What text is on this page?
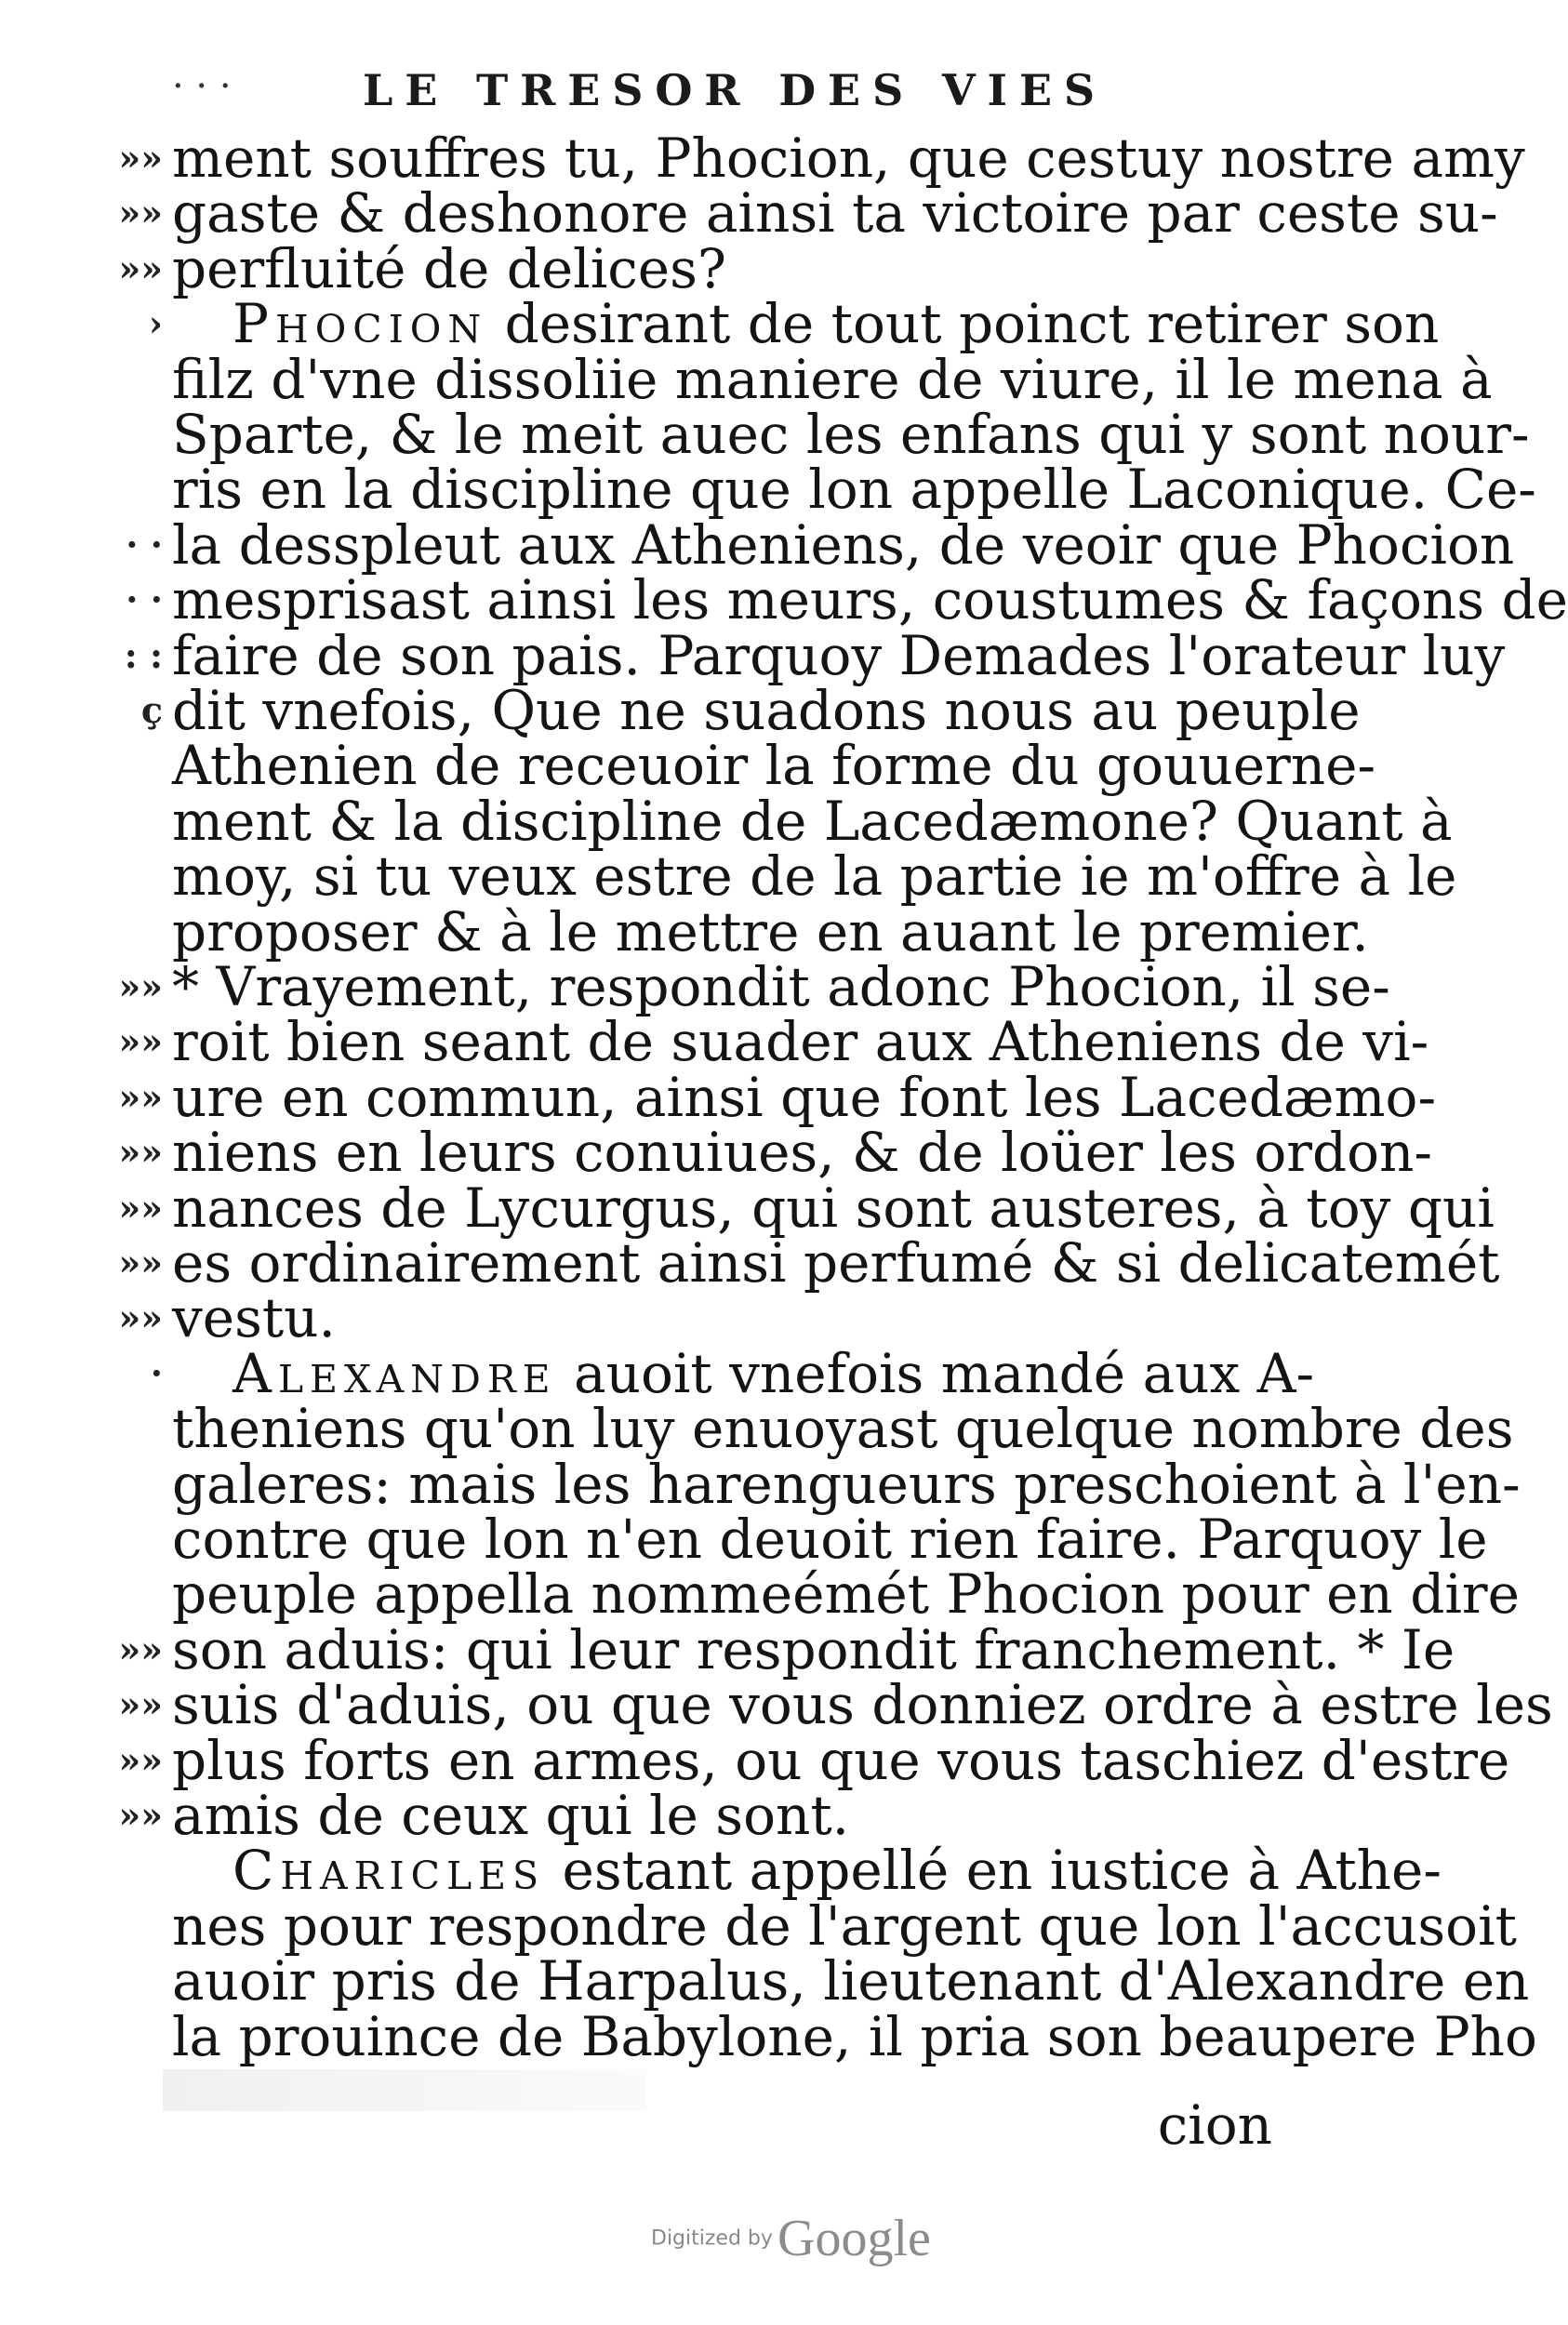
· · ·	LE TRESOR DES VIES
»» ment souffres tu, Phocion, que cestuy nostre amy
»» gaste & deshonore ainsi ta victoire par ceste su-
»» perfluité de delices?
› Phocion desirant de tout poinct retirer son
filz d'vne dissoliie maniere de viure, il le mena à
Sparte, & le meit auec les enfans qui y sont nour-
ris en la discipline que lon appelle Laconique. Ce-
· · la desspleut aux Atheniens, de veoir que Phocion
· · mesprisast ainsi les meurs, coustumes & façons de
: : faire de son pais. Parquoy Demades l'orateur luy
ç dit vnefois, Que ne suadons nous au peuple
Athenien de receuoir la forme du gouuerne-
ment & la discipline de Lacedæmone? Quant à
moy, si tu veux estre de la partie ie m'offre à le
proposer & à le mettre en auant le premier.
»» * Vrayement, respondit adonc Phocion, il se-
»» roit bien seant de suader aux Atheniens de vi-
»» ure en commun, ainsi que font les Lacedæmo-
»» niens en leurs conuiues, & de loüer les ordon-
»» nances de Lycurgus, qui sont austeres, à toy qui
»» es ordinairement ainsi perfumé & si delicatemét
»» vestu.
· Alexandre auoit vnefois mandé aux A-
theniens qu'on luy enuoyast quelque nombre des
galeres: mais les harengueurs preschoient à l'en-
contre que lon n'en deuoit rien faire. Parquoy le
peuple appella nommeémét Phocion pour en dire
»» son aduis: qui leur respondit franchement. * Ie
»» suis d'aduis, ou que vous donniez ordre à estre les
»» plus forts en armes, ou que vous taschiez d'estre
»» amis de ceux qui le sont.
Charicles estant appellé en iustice à Athe-
nes pour respondre de l'argent que lon l'accusoit
auoir pris de Harpalus, lieutenant d'Alexandre en
la prouince de Babylone, il pria son beaupere Pho
cion
Digitized by Google
